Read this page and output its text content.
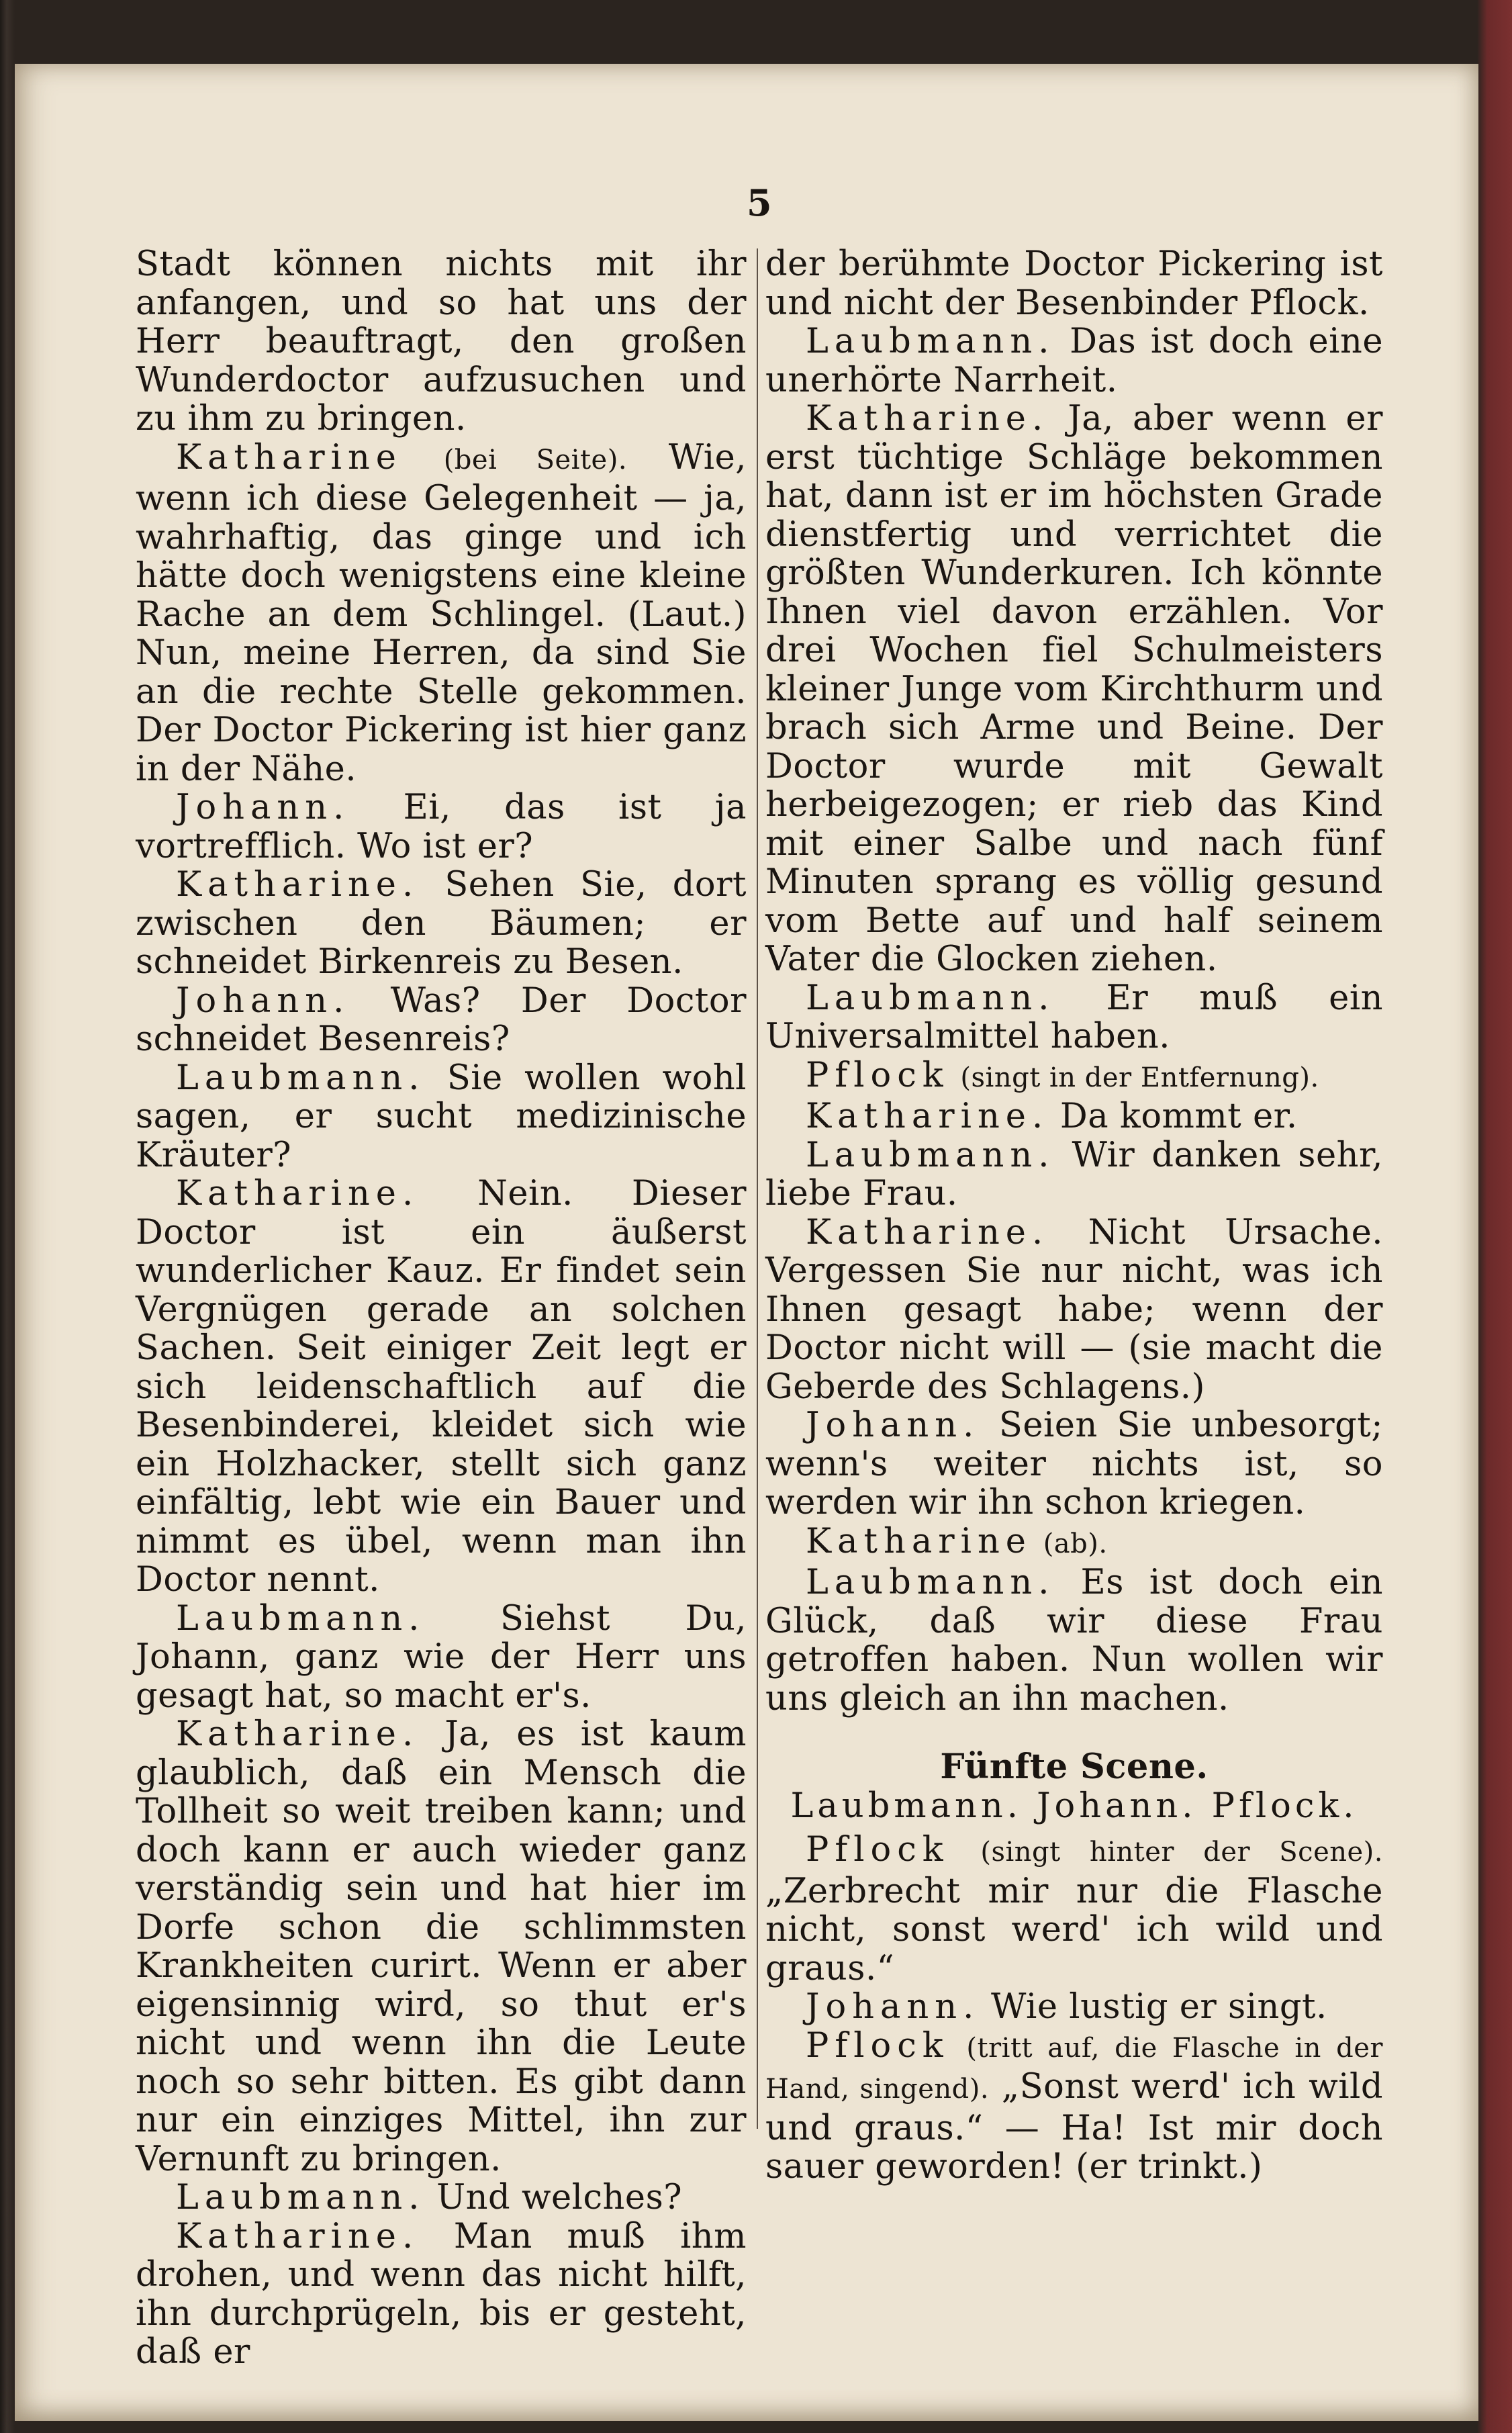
5

Stadt können nichts mit ihr anfangen, und so hat uns der Herr beauftragt, den großen Wunderdoctor aufzusuchen und zu ihm zu bringen.

Katharine (bei Seite). Wie, wenn ich diese Gelegenheit — ja, wahrhaftig, das ginge und ich hätte doch wenigstens eine kleine Rache an dem Schlingel. (Laut.) Nun, meine Herren, da sind Sie an die rechte Stelle gekommen. Der Doctor Pickering ist hier ganz in der Nähe.

Johann. Ei, das ist ja vortrefflich. Wo ist er?

Katharine. Sehen Sie, dort zwischen den Bäumen; er schneidet Birkenreis zu Besen.

Johann. Was? Der Doctor schneidet Besenreis?

Laubmann. Sie wollen wohl sagen, er sucht medizinische Kräuter?

Katharine. Nein. Dieser Doctor ist ein äußerst wunderlicher Kauz. Er findet sein Vergnügen gerade an solchen Sachen. Seit einiger Zeit legt er sich leidenschaftlich auf die Besenbinderei, kleidet sich wie ein Holzhacker, stellt sich ganz einfältig, lebt wie ein Bauer und nimmt es übel, wenn man ihn Doctor nennt.

Laubmann. Siehst Du, Johann, ganz wie der Herr uns gesagt hat, so macht er's.

Katharine. Ja, es ist kaum glaublich, daß ein Mensch die Tollheit so weit treiben kann; und doch kann er auch wieder ganz verständig sein und hat hier im Dorfe schon die schlimmsten Krankheiten curirt. Wenn er aber eigensinnig wird, so thut er's nicht und wenn ihn die Leute noch so sehr bitten. Es gibt dann nur ein einziges Mittel, ihn zur Vernunft zu bringen.

Laubmann. Und welches?

Katharine. Man muß ihm drohen, und wenn das nicht hilft, ihn durchprügeln, bis er gesteht, daß er

der berühmte Doctor Pickering ist und nicht der Besenbinder Pflock.

Laubmann. Das ist doch eine unerhörte Narrheit.

Katharine. Ja, aber wenn er erst tüchtige Schläge bekommen hat, dann ist er im höchsten Grade dienstfertig und verrichtet die größten Wunderkuren. Ich könnte Ihnen viel davon erzählen. Vor drei Wochen fiel Schulmeisters kleiner Junge vom Kirchthurm und brach sich Arme und Beine. Der Doctor wurde mit Gewalt herbeigezogen; er rieb das Kind mit einer Salbe und nach fünf Minuten sprang es völlig gesund vom Bette auf und half seinem Vater die Glocken ziehen.

Laubmann. Er muß ein Universalmittel haben.

Pflock (singt in der Entfernung).

Katharine. Da kommt er.

Laubmann. Wir danken sehr, liebe Frau.

Katharine. Nicht Ursache. Vergessen Sie nur nicht, was ich Ihnen gesagt habe; wenn der Doctor nicht will — (sie macht die Geberde des Schlagens.)

Johann. Seien Sie unbesorgt; wenn's weiter nichts ist, so werden wir ihn schon kriegen.

Katharine (ab).

Laubmann. Es ist doch ein Glück, daß wir diese Frau getroffen haben. Nun wollen wir uns gleich an ihn machen.

Fünfte Scene.

Laubmann. Johann. Pflock.

Pflock (singt hinter der Scene). „Zerbrecht mir nur die Flasche nicht, sonst werd' ich wild und graus.“

Johann. Wie lustig er singt.

Pflock (tritt auf, die Flasche in der Hand, singend). „Sonst werd' ich wild und graus.“ — Ha! Ist mir doch sauer geworden! (er trinkt.)
